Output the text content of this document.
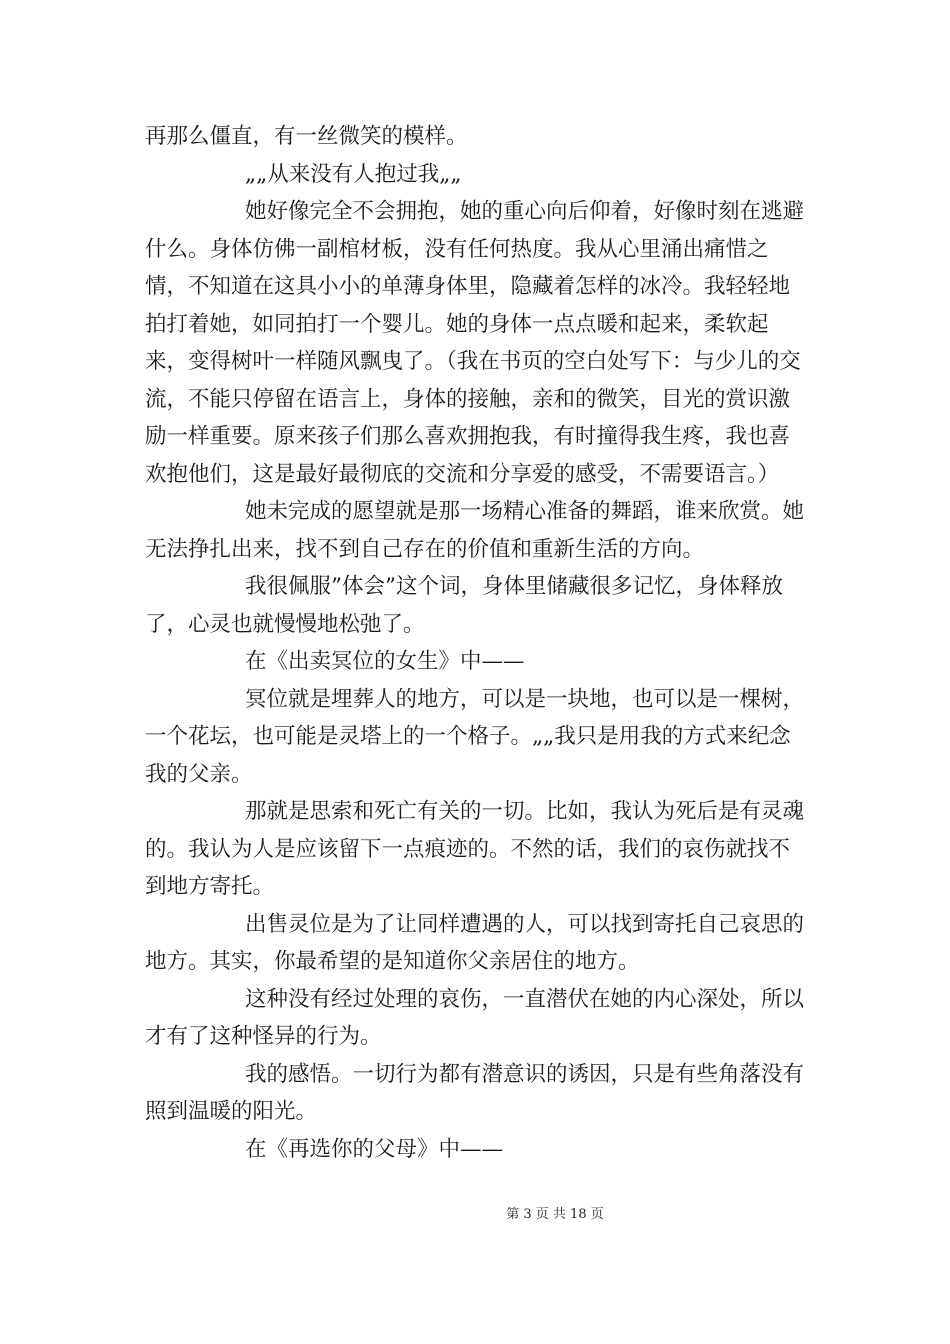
再那么僵直，有一丝微笑的模样。

„„从来没有人抱过我„„

她好像完全不会拥抱，她的重心向后仰着，好像时刻在逃避什么。身体仿佛一副棺材板，没有任何热度。我从心里涌出痛惜之情，不知道在这具小小的单薄身体里，隐藏着怎样的冰冷。我轻轻地拍打着她，如同拍打一个婴儿。她的身体一点点暖和起来，柔软起来，变得树叶一样随风飘曳了。（我在书页的空白处写下：与少儿的交流，不能只停留在语言上，身体的接触，亲和的微笑，目光的赏识激励一样重要。原来孩子们那么喜欢拥抱我，有时撞得我生疼，我也喜欢抱他们，这是最好最彻底的交流和分享爱的感受，不需要语言。）

她未完成的愿望就是那一场精心准备的舞蹈，谁来欣赏。她无法挣扎出来，找不到自己存在的价值和重新生活的方向。

我很佩服”体会”这个词，身体里储藏很多记忆，身体释放了，心灵也就慢慢地松弛了。

在《出卖冥位的女生》中——

冥位就是埋葬人的地方，可以是一块地，也可以是一棵树，一个花坛，也可能是灵塔上的一个格子。„„我只是用我的方式来纪念我的父亲。

那就是思索和死亡有关的一切。比如，我认为死后是有灵魂的。我认为人是应该留下一点痕迹的。不然的话，我们的哀伤就找不到地方寄托。

出售灵位是为了让同样遭遇的人，可以找到寄托自己哀思的地方。其实，你最希望的是知道你父亲居住的地方。

这种没有经过处理的哀伤，一直潜伏在她的内心深处，所以才有了这种怪异的行为。

我的感悟。一切行为都有潜意识的诱因，只是有些角落没有照到温暖的阳光。

在《再选你的父母》中——

第 3 页 共 18 页
